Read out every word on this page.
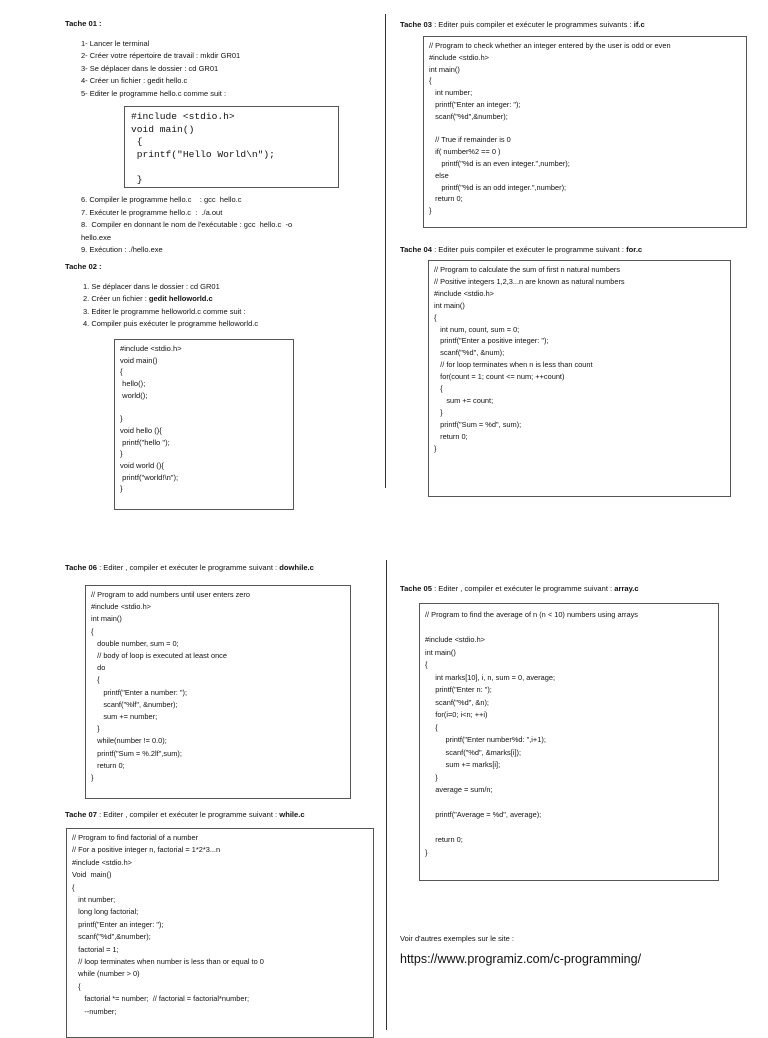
Tache 01 :
1- Lancer le terminal
2- Créer votre répertoire de travail : mkdir GR01
3- Se déplacer dans le dossier : cd GR01
4- Créer un fichier : gedit hello.c
5- Editer le programme hello.c comme suit :
#include <stdio.h>
void main()
{
printf("Hello World\n");

}
6. Compiler le programme hello.c    : gcc  hello.c
7. Exécuter le programme hello.c  :  ./a.out
8.  Compiler en donnant le nom de l'exécutable : gcc  hello.c  -o
hello.exe
9. Exécution : ./hello.exe
Tache 02 :
1. Se déplacer dans le dossier : cd GR01
2. Créer un fichier : gedit helloworld.c
3. Editer le programme helloworld.c comme suit :
4. Compiler puis exécuter le programme helloworld.c
#include <stdio.h>
void main()
{
hello();
world();

}
void hello (){
printf("hello ");
}
void world (){
printf("world!\n");
}
Tache 03 : Editer puis compiler et exécuter le programmes suivants : if.c
// Program to check whether an integer entered by the user is odd or even
#include <stdio.h>
int main()
{
int number;
printf("Enter an integer: ");
scanf("%d",&number);

// True if remainder is 0
if( number%2 == 0 )
printf("%d is an even integer.",number);
else
printf("%d is an odd integer.",number);
return 0;
}
Tache 04 : Editer puis compiler et exécuter le programme suivant : for.c
// Program to calculate the sum of first n natural numbers
// Positive integers 1,2,3...n are known as natural numbers
#include <stdio.h>
int main()
{
int num, count, sum = 0;
printf("Enter a positive integer: ");
scanf("%d", &num);
// for loop terminates when n is less than count
for(count = 1; count <= num; ++count)
{
sum += count;
}
printf("Sum = %d", sum);
return 0;
}
Tache 06 : Editer , compiler et exécuter le programme suivant : dowhile.c
// Program to add numbers until user enters zero
#include <stdio.h>
int main()
{
double number, sum = 0;
// body of loop is executed at least once
do
{
printf("Enter a number: ");
scanf("%lf", &number);
sum += number;
}
while(number != 0.0);
printf("Sum = %.2lf",sum);
return 0;
}
Tache 07 : Editer , compiler et exécuter le programme suivant : while.c
// Program to find factorial of a number
// For a positive integer n, factorial = 1*2*3...n
#include <stdio.h>
Void  main()
{
int number;
long long factorial;
printf("Enter an integer: ");
scanf("%d",&number);
factorial = 1;
// loop terminates when number is less than or equal to 0
while (number > 0)
{
factorial *= number;  // factorial = factorial*number;
--number;
Tache 05 : Editer , compiler et exécuter le programme suivant : array.c
// Program to find the average of n (n < 10) numbers using arrays

#include <stdio.h>
int main()
{
int marks[10], i, n, sum = 0, average;
printf("Enter n: ");
scanf("%d", &n);
for(i=0; i<n; ++i)
{
printf("Enter number%d: ",i+1);
scanf("%d", &marks[i]);
sum += marks[i];
}
average = sum/n;

printf("Average = %d", average);

return 0;
}
Voir d'autres exemples sur le site :
https://www.programiz.com/c-programming/
